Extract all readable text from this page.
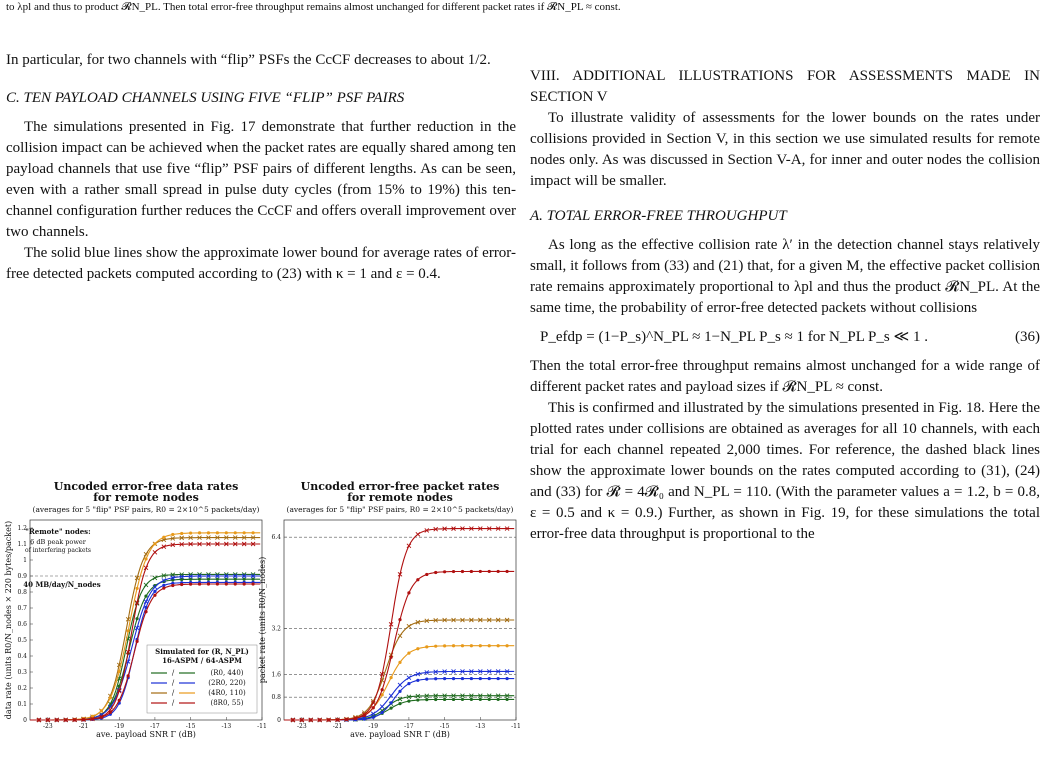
to λpl and thus to product 𝓡N_PL. Then total error-free throughput remains almost unchanged for different packet rates if 𝓡N_PL ≈ const.

In particular, for two channels with “flip” PSFs the CcCF decreases to about 1/2.

C. TEN PAYLOAD CHANNELS USING FIVE “FLIP” PSF PAIRS

The simulations presented in Fig. 17 demonstrate that further reduction in the collision impact can be achieved when the packet rates are equally shared among ten payload channels that use five “flip” PSF pairs of different lengths. As can be seen, even with a rather small spread in pulse duty cycles (from 15% to 19%) this ten-channel configuration further reduces the CcCF and offers overall improvement over two channels.

The solid blue lines show the approximate lower bound for average rates of error-free detected packets computed according to (23) with κ = 1 and ε = 0.4.

VIII. ADDITIONAL ILLUSTRATIONS FOR ASSESSMENTS MADE IN SECTION V

To illustrate validity of assessments for the lower bounds on the rates under collisions provided in Section V, in this section we use simulated results for remote nodes only. As was discussed in Section V-A, for inner and outer nodes the collision impact will be smaller.

A. TOTAL ERROR-FREE THROUGHPUT

As long as the effective collision rate λ′ in the detection channel stays relatively small, it follows from (33) and (21) that, for a given M, the effective packet collision rate remains approximately proportional to λpl and thus the product 𝓡N_PL. At the same time, the probability of error-free detected packets without collisions

P_efdp = (1−P_s)^N_PL ≈ 1−N_PL P_s ≈ 1 for N_PL P_s ≪ 1 .	(36)

Then the total error-free throughput remains almost unchanged for a wide range of different packet rates and payload sizes if 𝓡N_PL ≈ const.

This is confirmed and illustrated by the simulations presented in Fig. 18. Here the plotted rates under collisions are obtained as averages for all 10 channels, with each trial for each channel repeated 2,000 times. For reference, the dashed black lines show the approximate lower bounds on the rates computed according to (31), (24) and (33) for 𝓡 = 4𝓡₀ and N_PL = 110. (With the parameter values a = 1.2, b = 0.8, ε = 0.5 and κ = 0.9.) Further, as shown in Fig. 19, for these simulations the total error-free data throughput is proportional to the

Uncoded error-free data rates
for remote nodes
(averages for 5 "flip" PSF pairs, R0 = 2×10^5 packets/day)
0
0.1
0.2
0.3
0.4
0.5
0.6
0.7
0.8
0.9
1
1.1
1.2
-23	-21	-19	-17	-15	-13	-11
ave. payload SNR Γ (dB)
data rate (units R0/N_nodes × 220 bytes/packet) "Remote" nodes:
6 dB peak power
of interfering packets
40 MB/day/N_nodes
Simulated for (R, N_PL)
16-ASPM / 64-ASPM
/	(R0, 440)
/	(2R0, 220)
/	(4R0, 110)
/	(8R0, 55)
Uncoded error-free packet rates
for remote nodes
(averages for 5 "flip" PSF pairs, R0 = 2×10^5 packets/day)
0
0.8
1.6
3.2
6.4
-23	-21	-19	-17	-15	-13	-11
ave. payload SNR Γ (dB)
packet rate (units R0/N_nodes)
